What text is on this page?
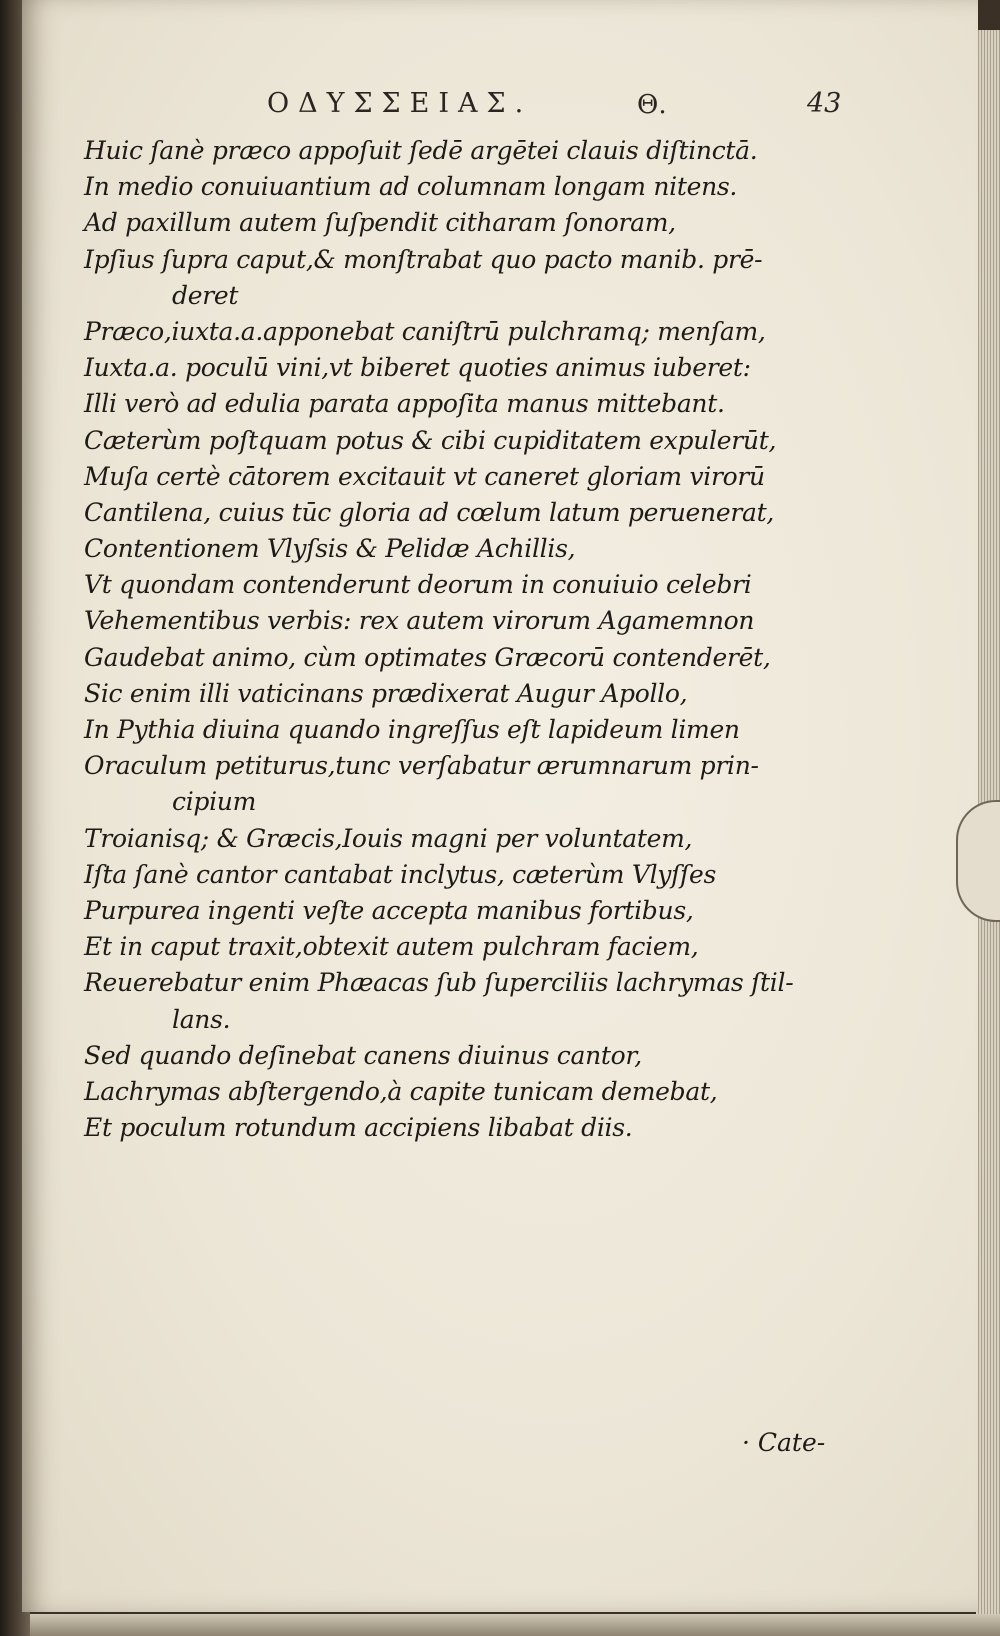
ΟΔΥΣΣΕΙΑΣ.	Θ.	43
Huic ſanè præco appoſuit ſedē argētei clauis diſtinctā.
In medio conuiuantium ad columnam longam nitens.
Ad paxillum autem ſuſpendit citharam ſonoram,
Ipſius ſupra caput,& monſtrabat quo pacto manib. prē-
deret
Præco,iuxta.a.apponebat caniſtrū pulchramq; menſam,
Iuxta.a. poculū vini,vt biberet quoties animus iuberet:
Illi verò ad edulia parata appoſita manus mittebant.
Cæterùm poſtquam potus & cibi cupiditatem expulerūt,
Muſa certè cātorem excitauit vt caneret gloriam virorū
Cantilena, cuius tūc gloria ad cœlum latum peruenerat,
Contentionem Vlyſsis & Pelidæ Achillis,
Vt quondam contenderunt deorum in conuiuio celebri
Vehementibus verbis: rex autem virorum Agamemnon
Gaudebat animo, cùm optimates Græcorū contenderēt,
Sic enim illi vaticinans prædixerat Augur Apollo,
In Pythia diuina quando ingreſſus eſt lapideum limen
Oraculum petiturus,tunc verſabatur ærumnarum prin-
cipium
Troianisq; & Græcis,Iouis magni per voluntatem,
Iſta ſanè cantor cantabat inclytus, cæterùm Vlyſſes
Purpurea ingenti veſte accepta manibus fortibus,
Et in caput traxit,obtexit autem pulchram faciem,
Reuerebatur enim Phæacas ſub ſuperciliis lachrymas ſtil-
lans.
Sed quando deſinebat canens diuinus cantor,
Lachrymas abſtergendo,à capite tunicam demebat,
Et poculum rotundum accipiens libabat diis.
· Cate-
